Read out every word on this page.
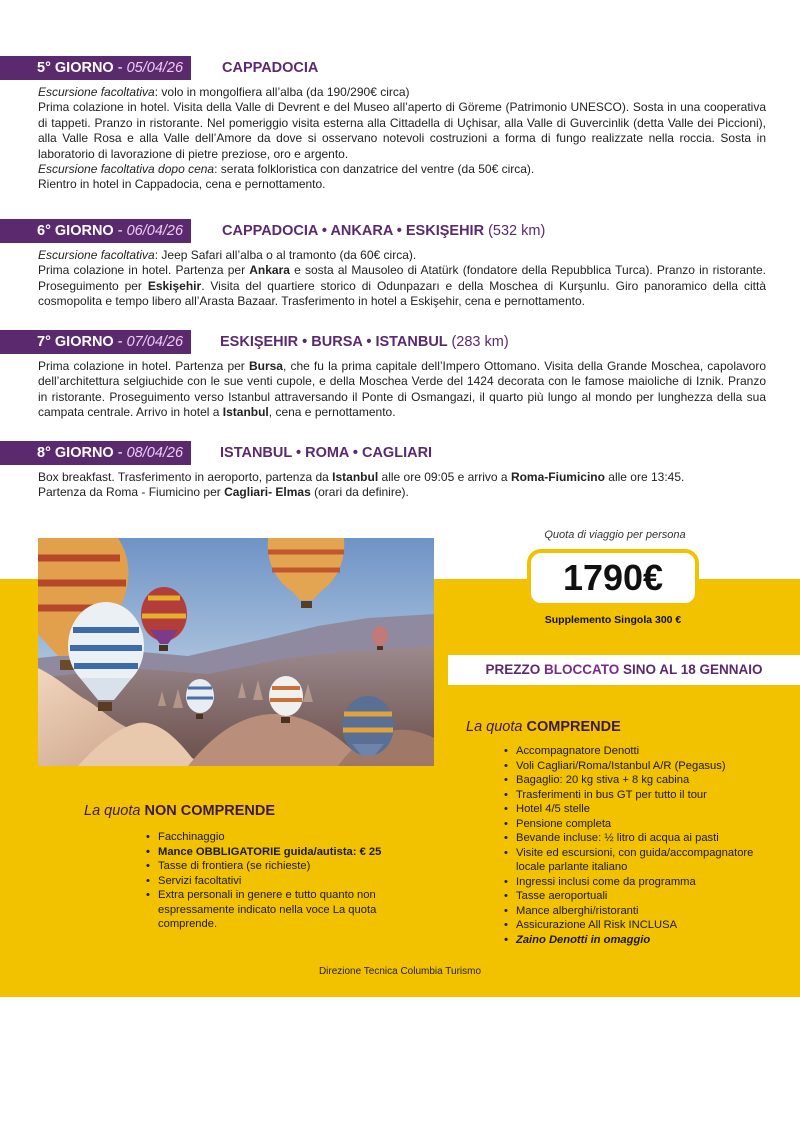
5° GIORNO - 05/04/26	CAPPADOCIA

Escursione facoltativa: volo in mongolfiera all’alba (da 190/290€ circa)

Prima colazione in hotel. Visita della Valle di Devrent e del Museo all’aperto di Göreme (Patrimonio UNESCO). Sosta in una cooperativa di tappeti. Pranzo in ristorante. Nel pomeriggio visita esterna alla Cittadella di Uçhisar, alla Valle di Guvercinlik (detta Valle dei Piccioni), alla Valle Rosa e alla Valle dell’Amore da dove si osservano notevoli costruzioni a forma di fungo realizzate nella roccia. Sosta in laboratorio di lavorazione di pietre preziose, oro e argento.

Escursione facoltativa dopo cena: serata folkloristica con danzatrice del ventre (da 50€ circa).

Rientro in hotel in Cappadocia, cena e pernottamento.

6° GIORNO - 06/04/26	CAPPADOCIA • ANKARA • ESKIŞEHIR (532 km)

Escursione facoltativa: Jeep Safari all’alba o al tramonto (da 60€ circa).

Prima colazione in hotel. Partenza per Ankara e sosta al Mausoleo di Atatürk (fondatore della Repubblica Turca). Pranzo in ristorante. Proseguimento per Eskişehir. Visita del quartiere storico di Odunpazarı e della Moschea di Kurşunlu. Giro panoramico della città cosmopolita e tempo libero all’Arasta Bazaar. Trasferimento in hotel a Eskişehir, cena e pernottamento.

7° GIORNO - 07/04/26	ESKIŞEHIR • BURSA • ISTANBUL (283 km)

Prima colazione in hotel. Partenza per Bursa, che fu la prima capitale dell’Impero Ottomano. Visita della Grande Moschea, capolavoro dell’architettura selgiuchide con le sue venti cupole, e della Moschea Verde del 1424 decorata con le famose maioliche di Iznik. Pranzo in ristorante. Proseguimento verso Istanbul attraversando il Ponte di Osmangazi, il quarto più lungo al mondo per lunghezza della sua campata centrale. Arrivo in hotel a Istanbul, cena e pernottamento.

8° GIORNO - 08/04/26	ISTANBUL • ROMA • CAGLIARI

Box breakfast. Trasferimento in aeroporto, partenza da Istanbul alle ore 09:05 e arrivo a Roma-Fiumicino alle ore 13:45.

Partenza da Roma - Fiumicino per Cagliari- Elmas (orari da definire).

Quota di viaggio per persona
1790€
Supplemento Singola 300 €
PREZZO BLOCCATO SINO AL 18 GENNAIO
La quota COMPRENDE
• Accompagnatore Denotti
• Voli Cagliari/Roma/Istanbul A/R (Pegasus)
• Bagaglio: 20 kg stiva + 8 kg cabina
• Trasferimenti in bus GT per tutto il tour
• Hotel 4/5 stelle
• Pensione completa
• Bevande incluse: ½ litro di acqua ai pasti
• Visite ed escursioni, con guida/accompagnatore locale parlante italiano
• Ingressi inclusi come da programma
• Tasse aeroportuali
• Mance alberghi/ristoranti
• Assicurazione All Risk INCLUSA
• Zaino Denotti in omaggio
La quota NON COMPRENDE
• Facchinaggio
• Mance OBBLIGATORIE guida/autista: € 25
• Tasse di frontiera (se richieste)
• Servizi facoltativi
• Extra personali in genere e tutto quanto non espressamente indicato nella voce La quota comprende.
Direzione Tecnica Columbia Turismo
